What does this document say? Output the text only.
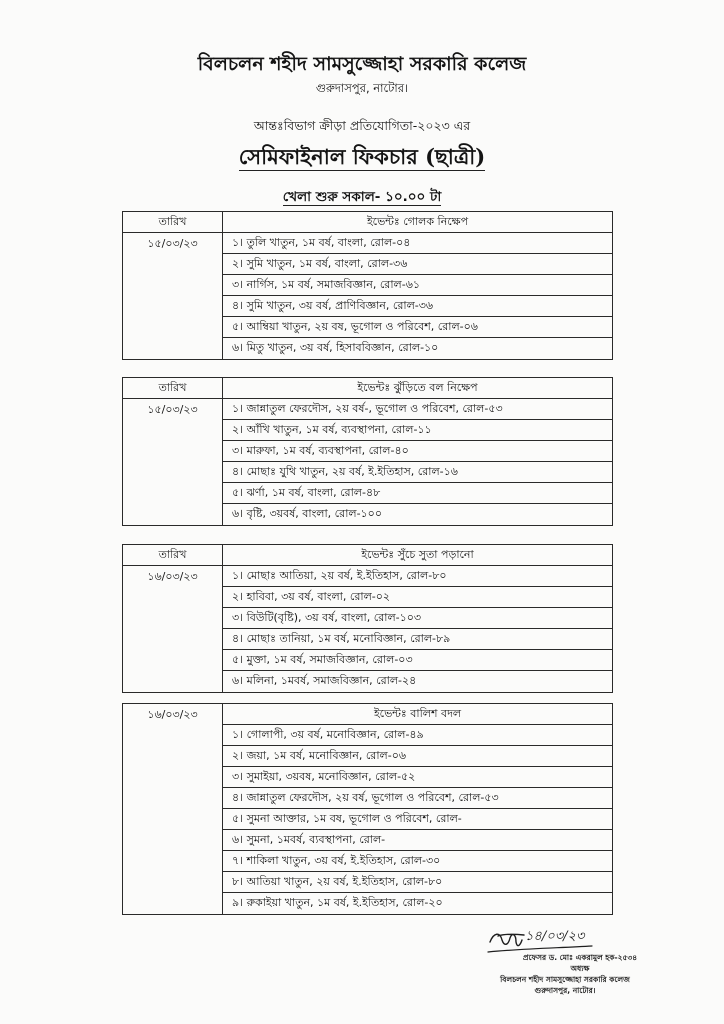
বিলচলন শহীদ সামসুজ্জোহা সরকারি কলেজ
গুরুদাসপুর, নাটোর।
আন্তঃবিভাগ ক্রীড়া প্রতিযোগিতা-২০২৩ এর
সেমিফাইনাল ফিকচার (ছাত্রী)
খেলা শুরু সকাল- ১০.০০ টা
তারিখ	ইভেন্টঃ গোলক নিক্ষেপ
১৫/০৩/২৩	১। তুলি খাতুন, ১ম বর্ষ, বাংলা, রোল-০৪
২। সুমি খাতুন, ১ম বর্ষ, বাংলা, রোল-৩৬
৩। নার্গিস, ১ম বর্ষ, সমাজবিজ্ঞান, রোল-৬১
৪। সুমি খাতুন, ৩য় বর্ষ, প্রাণিবিজ্ঞান, রোল-৩৬
৫। আম্বিয়া খাতুন, ২য় বষ, ভূগোল ও পরিবেশ, রোল-০৬
৬। মিতু খাতুন, ৩য় বর্ষ, হিসাববিজ্ঞান, রোল-১০
তারিখ	ইভেন্টঃ ঝুঁড়িতে বল নিক্ষেপ
১৫/০৩/২৩	১। জান্নাতুল ফেরদৌস, ২য় বর্ষ-, ভূগোল ও পরিবেশ, রোল-৫৩
২। আঁখি খাতুন, ১ম বর্ষ, ব্যবস্থাপনা, রোল-১১
৩। মারুফা, ১ম বর্ষ, ব্যবস্থাপনা, রোল-৪০
৪। মোছাঃ যুথি খাতুন, ২য় বর্ষ, ই.ইতিহাস, রোল-১৬
৫। ঝর্ণা, ১ম বর্ষ, বাংলা, রোল-৪৮
৬। বৃষ্টি, ৩য়বর্ষ, বাংলা, রোল-১০০
তারিখ	ইভেন্টঃ সুঁচে সুতা পড়ানো
১৬/০৩/২৩	১। মোছাঃ আতিয়া, ২য় বর্ষ, ই.ইতিহাস, রোল-৮০
২। হাবিবা, ৩য় বর্ষ, বাংলা, রোল-০২
৩। বিউটি(বৃষ্টি), ৩য় বর্ষ, বাংলা, রোল-১০৩
৪। মোছাঃ তানিয়া, ১ম বর্ষ, মনোবিজ্ঞান, রোল-৮৯
৫। মুক্তা, ১ম বর্ষ, সমাজবিজ্ঞান, রোল-০৩
৬। মলিনা, ১মবর্ষ, সমাজবিজ্ঞান, রোল-২৪
১৬/০৩/২৩	ইভেন্টঃ বালিশ বদল
১। গোলাপী, ৩য় বর্ষ, মনোবিজ্ঞান, রোল-৪৯
২। জয়া, ১ম বর্ষ, মনোবিজ্ঞান, রোল-০৬
৩। সুমাইয়া, ৩য়বষ, মনোবিজ্ঞান, রোল-৫২
৪। জান্নাতুল ফেরদৌস, ২য় বর্ষ, ভূগোল ও পরিবেশ, রোল-৫৩
৫। সুমনা আক্তার, ১ম বষ, ভূগোল ও পরিবেশ, রোল-
৬। সুমনা, ১মবর্ষ, ব্যবস্থাপনা, রোল-
৭। শাকিলা খাতুন, ৩য় বর্ষ, ই.ইতিহাস, রোল-৩০
৮। আতিয়া খাতুন, ২য় বর্ষ, ই.ইতিহাস, রোল-৮০
৯। রুকাইয়া খাতুন, ১ম বর্ষ, ই.ইতিহাস, রোল-২০
১৪/০৩/২৩
প্রফেসর ড. মোঃ একরামুল হক-২৫৩৪
অধ্যক্ষ
বিলচলন শহীদ সামসুজ্জোহা সরকারি কলেজ
গুরুদাসপুর, নাটোর।
